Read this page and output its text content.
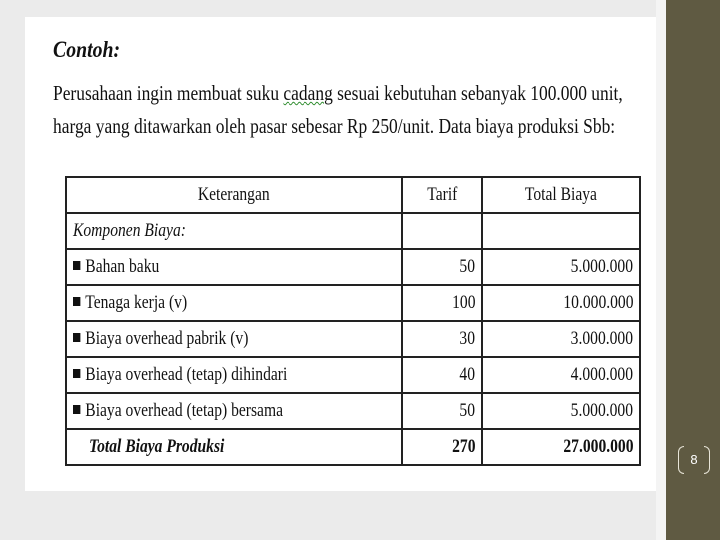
Contoh:
Perusahaan ingin membuat suku cadang sesuai kebutuhan sebanyak 100.000 unit,
harga yang ditawarkan oleh pasar sebesar Rp 250/unit. Data biaya produksi Sbb:
Keterangan	Tarif	Total Biaya
Komponen Biaya:		
Bahan baku	50	5.000.000
Tenaga kerja (v)	100	10.000.000
Biaya overhead pabrik (v)	30	3.000.000
Biaya overhead (tetap) dihindari	40	4.000.000
Biaya overhead (tetap) bersama	50	5.000.000
Total Biaya Produksi	270	27.000.000
8
